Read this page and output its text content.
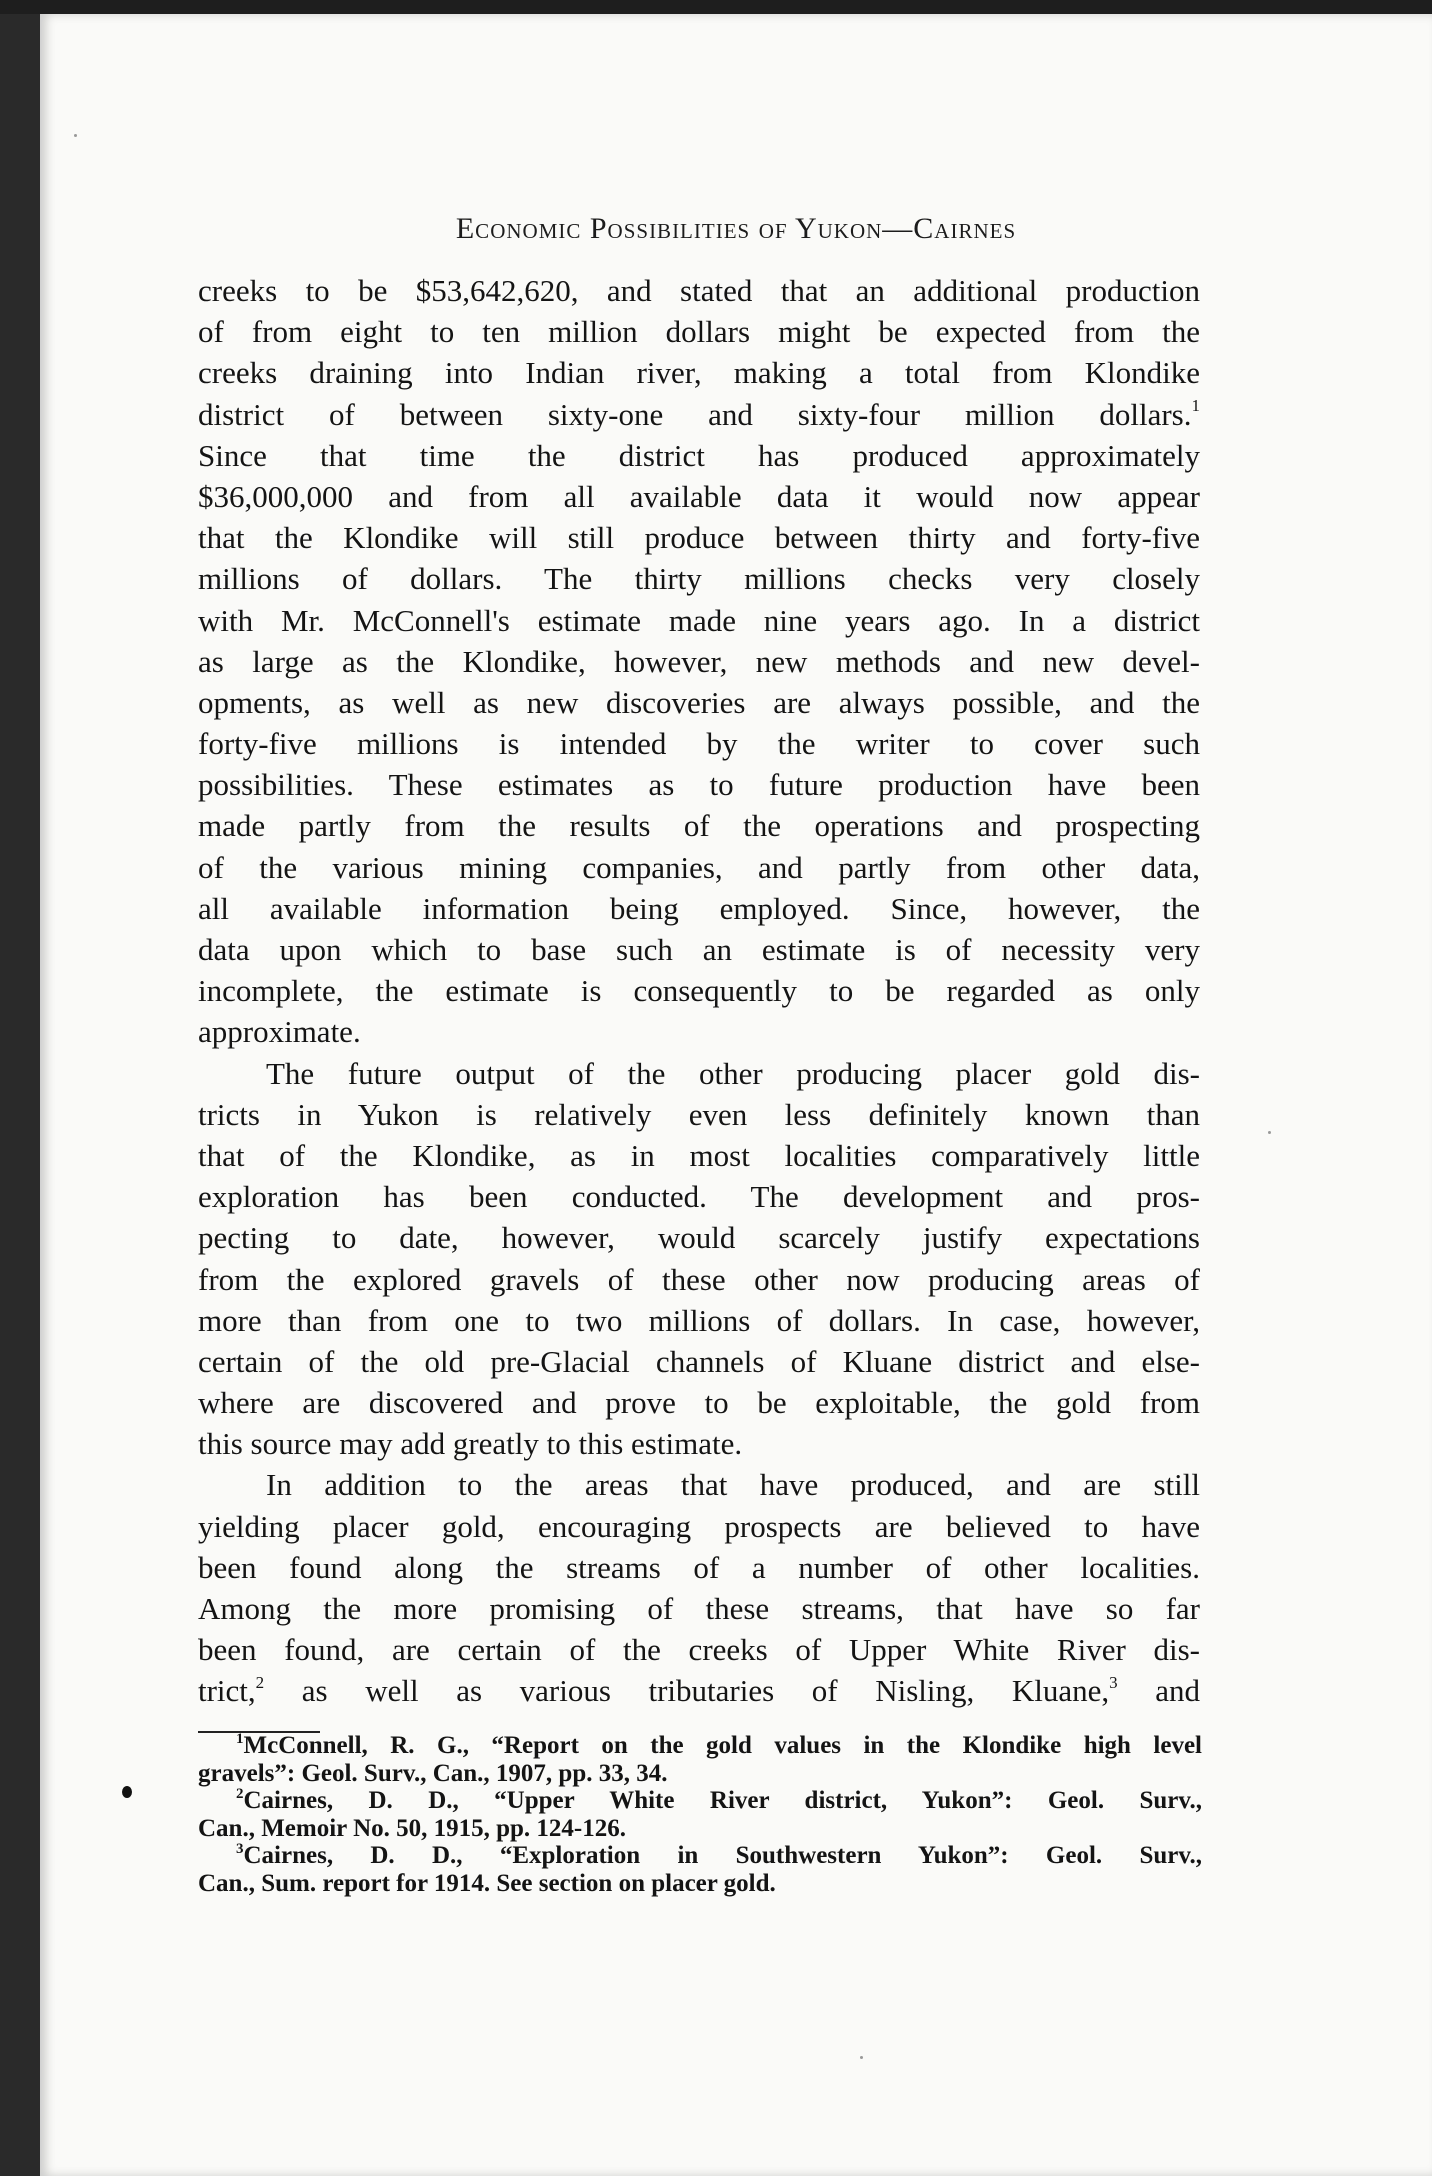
Economic Possibilities of Yukon—Cairnes
creeks to be $53,642,620, and stated that an additional production
of from eight to ten million dollars might be expected from the
creeks draining into Indian river, making a total from Klondike
district of between sixty-one and sixty-four million dollars.$^1$
Since that time the district has produced approximately
$36,000,000 and from all available data it would now appear
that the Klondike will still produce between thirty and forty-five
millions of dollars. The thirty millions checks very closely
with Mr. McConnell's estimate made nine years ago. In a district
as large as the Klondike, however, new methods and new devel-
opments, as well as new discoveries are always possible, and the
forty-five millions is intended by the writer to cover such
possibilities. These estimates as to future production have been
made partly from the results of the operations and prospecting
of the various mining companies, and partly from other data,
all available information being employed. Since, however, the
data upon which to base such an estimate is of necessity very
incomplete, the estimate is consequently to be regarded as only
approximate.
The future output of the other producing placer gold dis-
tricts in Yukon is relatively even less definitely known than
that of the Klondike, as in most localities comparatively little
exploration has been conducted. The development and pros-
pecting to date, however, would scarcely justify expectations
from the explored gravels of these other now producing areas of
more than from one to two millions of dollars. In case, however,
certain of the old pre-Glacial channels of Kluane district and else-
where are discovered and prove to be exploitable, the gold from
this source may add greatly to this estimate.
In addition to the areas that have produced, and are still
yielding placer gold, encouraging prospects are believed to have
been found along the streams of a number of other localities.
Among the more promising of these streams, that have so far
been found, are certain of the creeks of Upper White River dis-
trict,$^2$ as well as various tributaries of Nisling, Kluane,$^3$ and
$^1$McConnell, R. G., “Report on the gold values in the Klondike high level
gravels”: Geol. Surv., Can., 1907, pp. 33, 34.
$^2$Cairnes, D. D., “Upper White River district, Yukon”: Geol. Surv.,
Can., Memoir No. 50, 1915, pp. 124-126.
$^3$Cairnes, D. D., “Exploration in Southwestern Yukon”: Geol. Surv.,
Can., Sum. report for 1914. See section on placer gold.
